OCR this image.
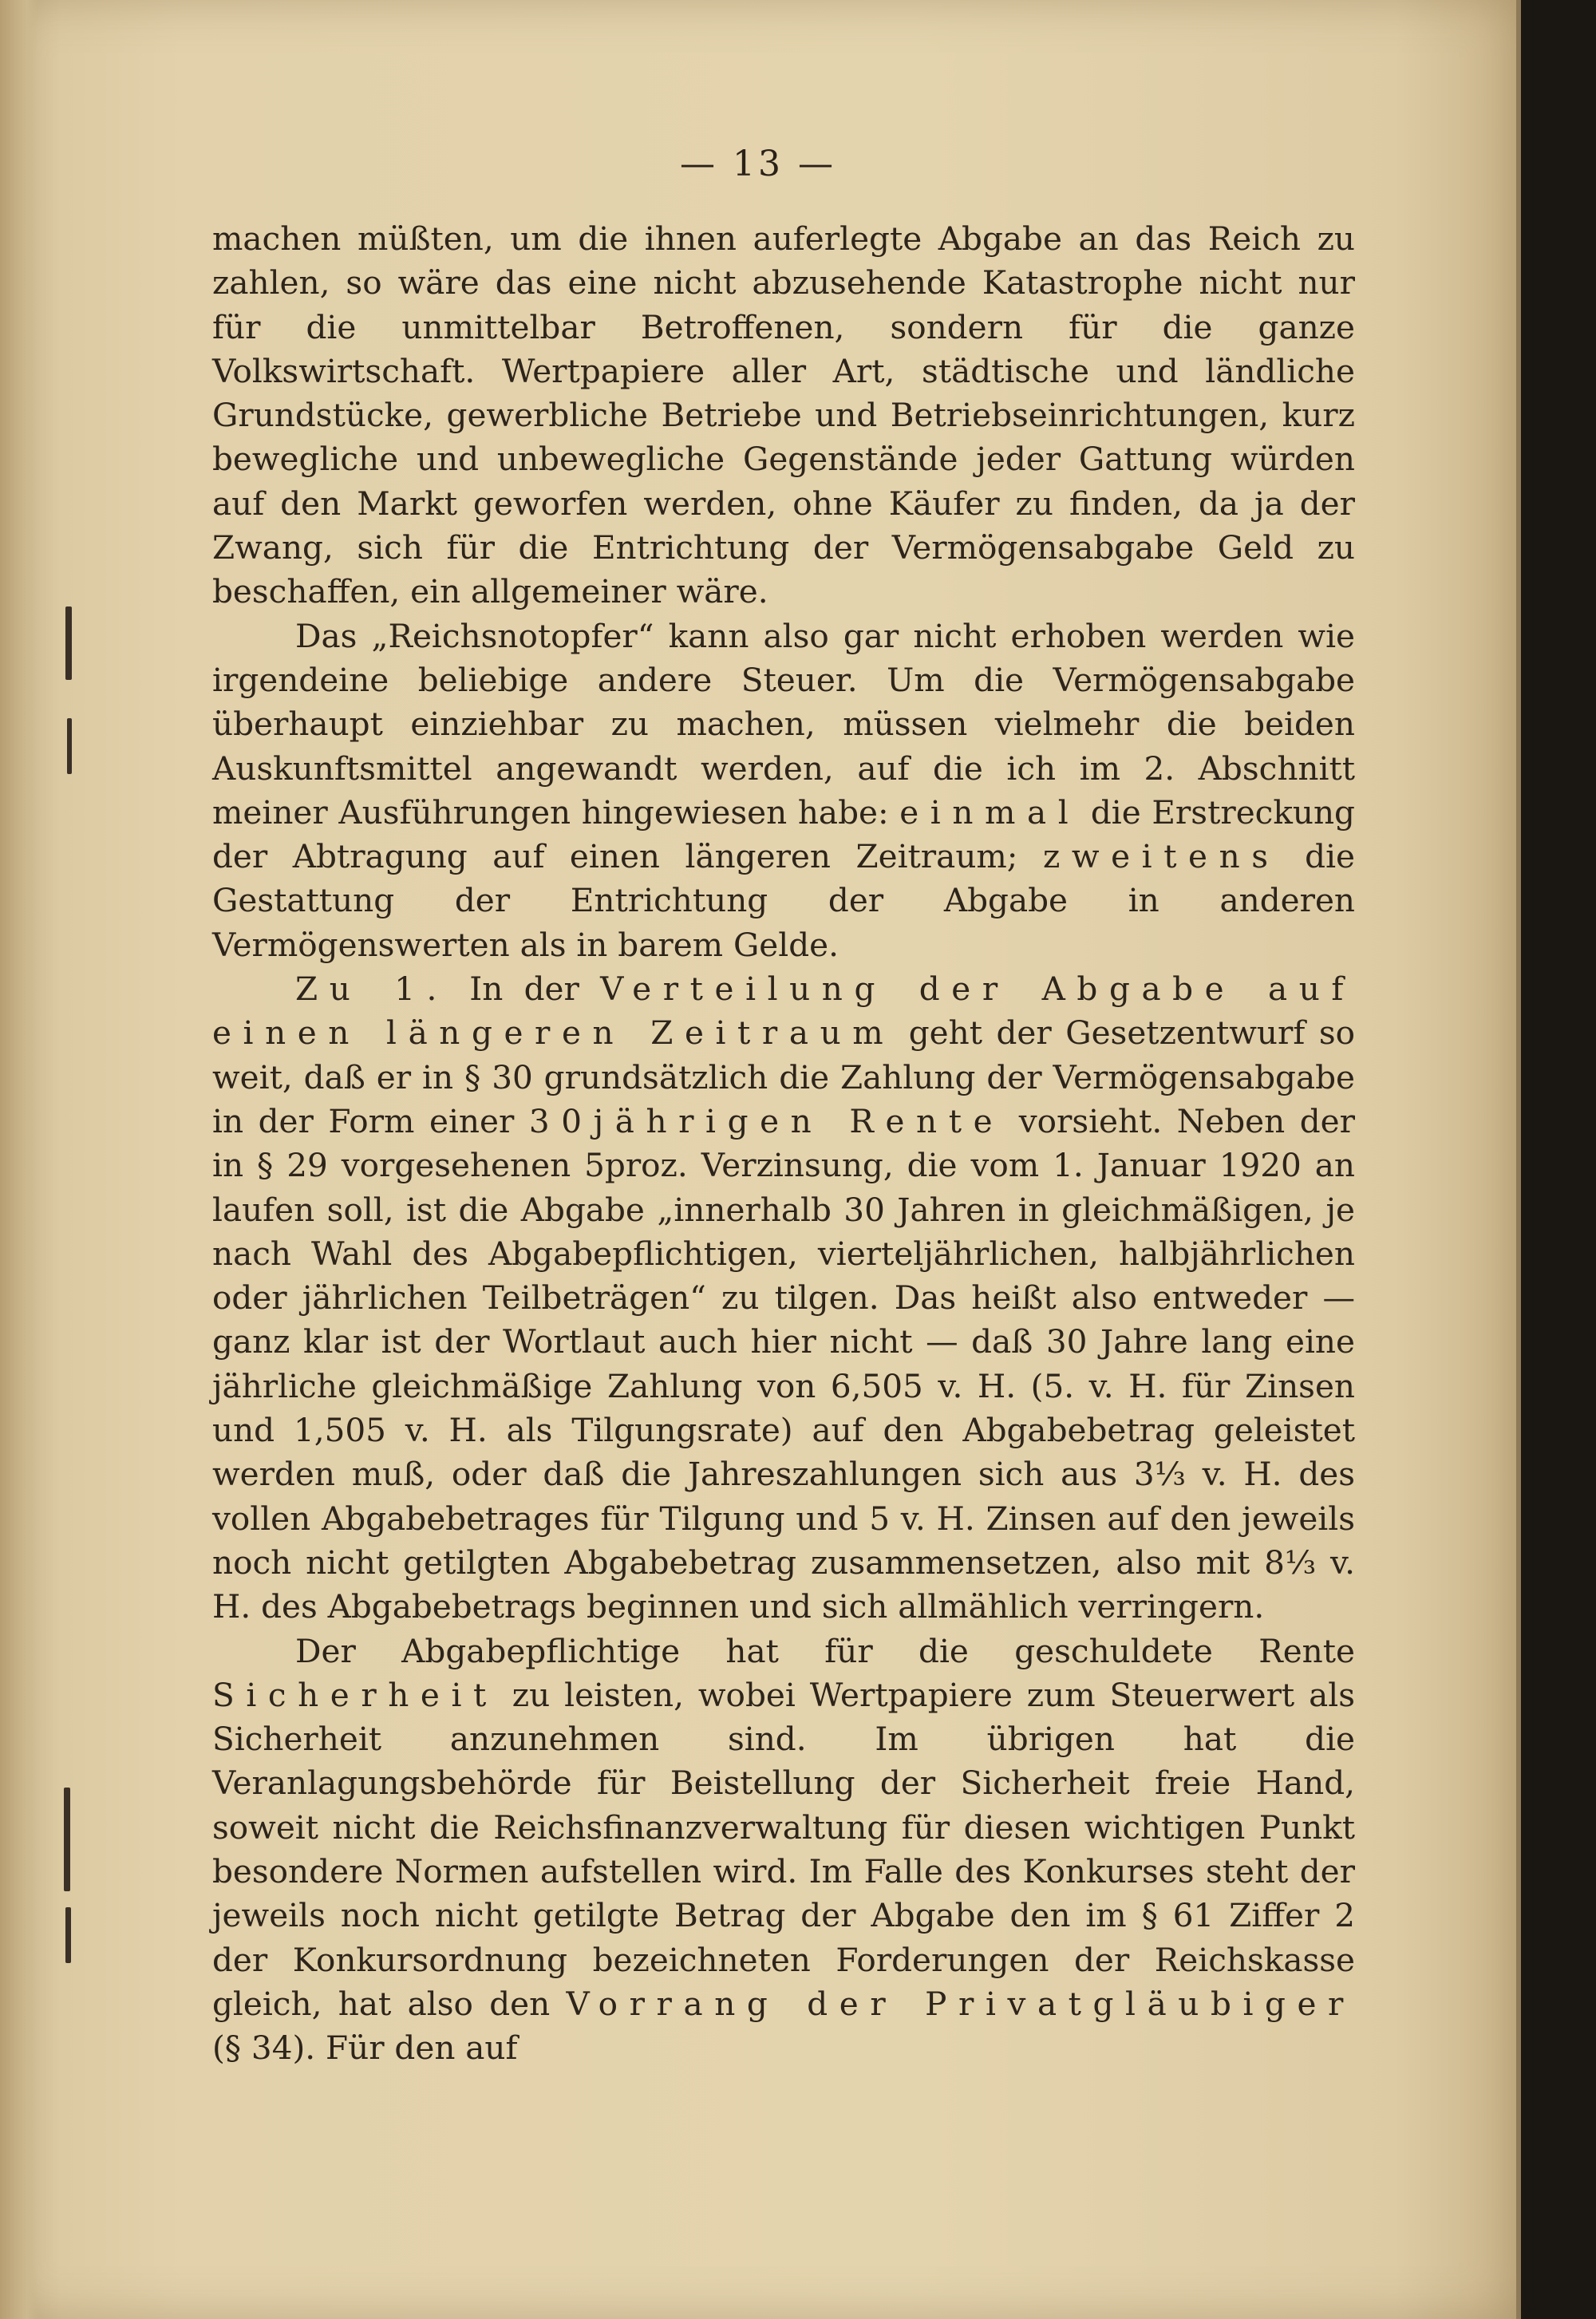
— 13 —

machen müßten, um die ihnen auferlegte Abgabe an das Reich zu zahlen, so wäre das eine nicht abzusehende Katastrophe nicht nur für die unmittelbar Betroffenen, sondern für die ganze Volkswirtschaft. Wertpapiere aller Art, städtische und ländliche Grundstücke, gewerbliche Betriebe und Betriebseinrichtungen, kurz bewegliche und unbewegliche Gegenstände jeder Gattung würden auf den Markt geworfen werden, ohne Käufer zu finden, da ja der Zwang, sich für die Entrichtung der Vermögensabgabe Geld zu beschaffen, ein allgemeiner wäre.

Das „Reichsnotopfer“ kann also gar nicht erhoben werden wie irgendeine beliebige andere Steuer. Um die Vermögensabgabe überhaupt einziehbar zu machen, müssen vielmehr die beiden Auskunftsmittel angewandt werden, auf die ich im 2. Abschnitt meiner Ausführungen hingewiesen habe: einmal die Erstreckung der Abtragung auf einen längeren Zeitraum; zweitens die Gestattung der Entrichtung der Abgabe in anderen Vermögenswerten als in barem Gelde.

Zu 1. In der Verteilung der Abgabe auf einen längeren Zeitraum geht der Gesetzentwurf so weit, daß er in § 30 grundsätzlich die Zahlung der Vermögensabgabe in der Form einer 30jährigen Rente vorsieht. Neben der in § 29 vorgesehenen 5proz. Verzinsung, die vom 1. Januar 1920 an laufen soll, ist die Abgabe „innerhalb 30 Jahren in gleichmäßigen, je nach Wahl des Abgabepflichtigen, vierteljährlichen, halbjährlichen oder jährlichen Teilbeträgen“ zu tilgen. Das heißt also entweder — ganz klar ist der Wortlaut auch hier nicht — daß 30 Jahre lang eine jährliche gleichmäßige Zahlung von 6,505 v. H. (5. v. H. für Zinsen und 1,505 v. H. als Tilgungsrate) auf den Abgabebetrag geleistet werden muß, oder daß die Jahreszahlungen sich aus 3⅓ v. H. des vollen Abgabebetrages für Tilgung und 5 v. H. Zinsen auf den jeweils noch nicht getilgten Abgabebetrag zusammensetzen, also mit 8⅓ v. H. des Abgabebetrags beginnen und sich allmählich verringern.

Der Abgabepflichtige hat für die geschuldete Rente Sicherheit zu leisten, wobei Wertpapiere zum Steuerwert als Sicherheit anzunehmen sind. Im übrigen hat die Veranlagungsbehörde für Beistellung der Sicherheit freie Hand, soweit nicht die Reichsfinanzverwaltung für diesen wichtigen Punkt besondere Normen aufstellen wird. Im Falle des Konkurses steht der jeweils noch nicht getilgte Betrag der Abgabe den im § 61 Ziffer 2 der Konkursordnung bezeichneten Forderungen der Reichskasse gleich, hat also den Vorrang der Privatgläubiger (§ 34). Für den auf
